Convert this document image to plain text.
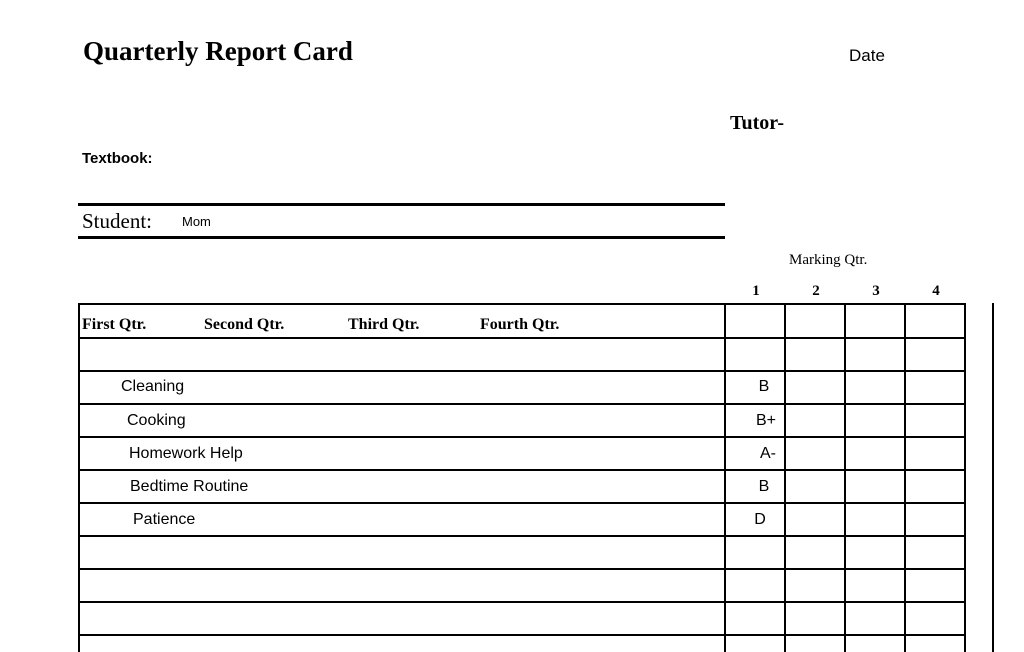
Quarterly Report Card	Date
Tutor-
Textbook:
Student: Mom
Marking Qtr.
1	2	3	4
First Qtr.	Second Qtr.	Third Qtr.	Fourth Qtr.
Cleaning	B
Cooking	B+
Homework Help	A-
Bedtime Routine	B
Patience	D
